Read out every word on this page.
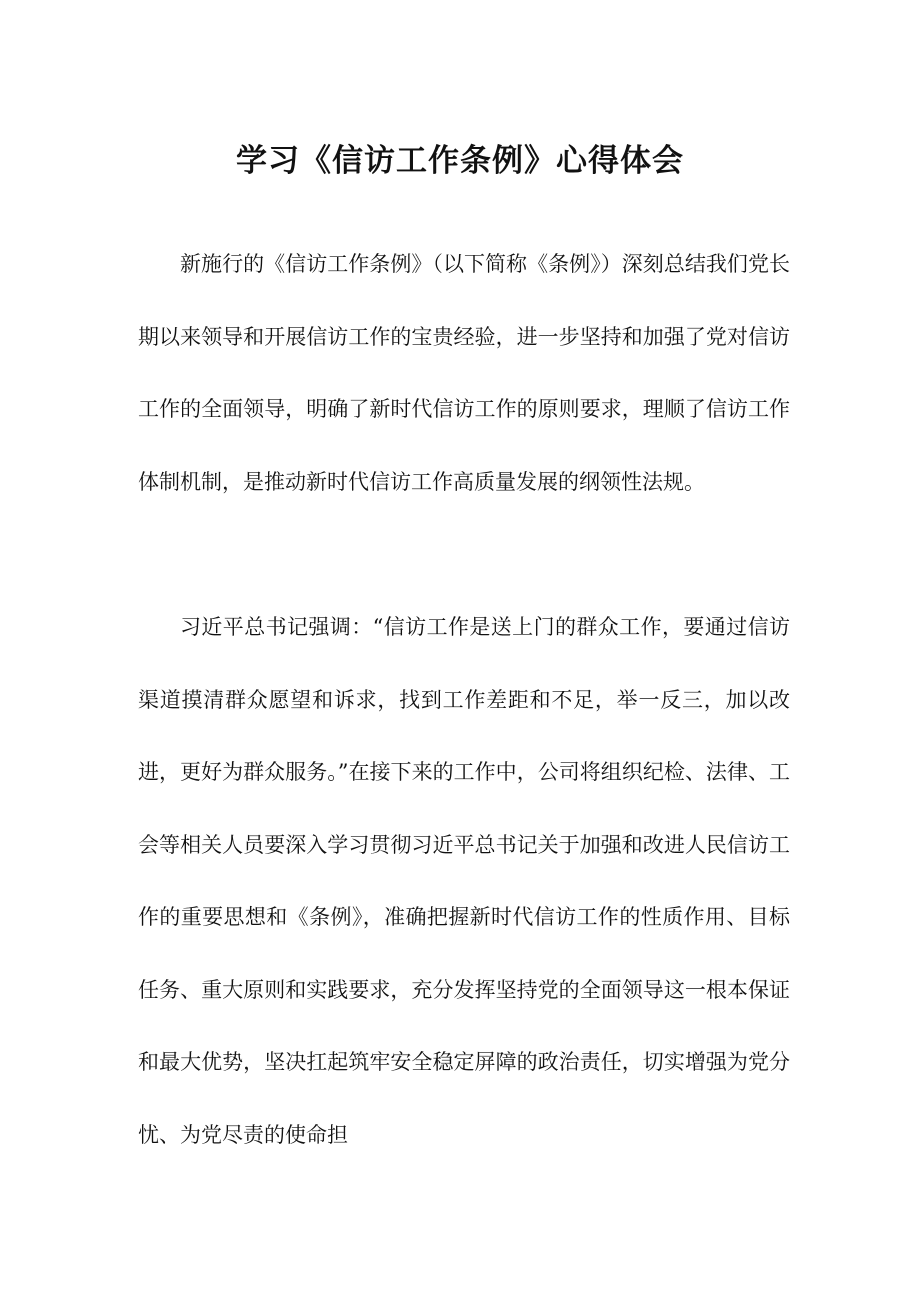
学习《信访工作条例》心得体会

新施行的《信访工作条例》（以下简称《条例》）深刻总结我们党长期以来领导和开展信访工作的宝贵经验，进一步坚持和加强了党对信访工作的全面领导，明确了新时代信访工作的原则要求，理顺了信访工作体制机制，是推动新时代信访工作高质量发展的纲领性法规。

习近平总书记强调：“信访工作是送上门的群众工作，要通过信访渠道摸清群众愿望和诉求，找到工作差距和不足，举一反三，加以改进，更好为群众服务。”在接下来的工作中，公司将组织纪检、法律、工会等相关人员要深入学习贯彻习近平总书记关于加强和改进人民信访工作的重要思想和《条例》，准确把握新时代信访工作的性质作用、目标任务、重大原则和实践要求，充分发挥坚持党的全面领导这一根本保证和最大优势，坚决扛起筑牢安全稳定屏障的政治责任，切实增强为党分忧、为党尽责的使命担
